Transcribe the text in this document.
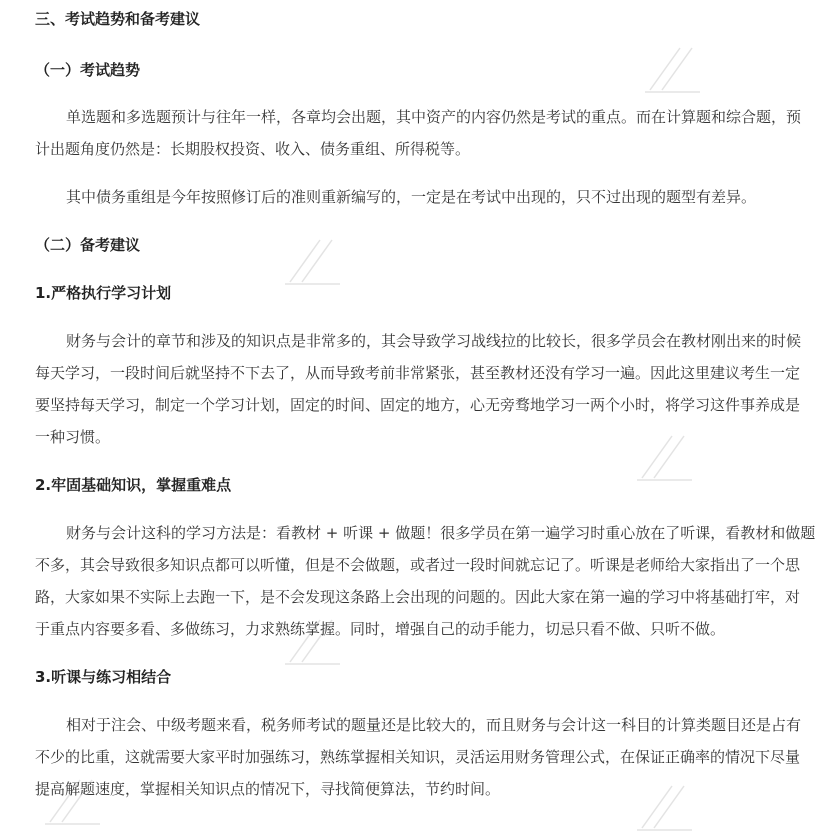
三、考试趋势和备考建议
（一）考试趋势
单选题和多选题预计与往年一样，各章均会出题，其中资产的内容仍然是考试的重点。而在计算题和综合题，预
计出题角度仍然是：长期股权投资、收入、债务重组、所得税等。
其中债务重组是今年按照修订后的准则重新编写的，一定是在考试中出现的，只不过出现的题型有差异。
（二）备考建议
1.严格执行学习计划
财务与会计的章节和涉及的知识点是非常多的，其会导致学习战线拉的比较长，很多学员会在教材刚出来的时候
每天学习，一段时间后就坚持不下去了，从而导致考前非常紧张，甚至教材还没有学习一遍。因此这里建议考生一定
要坚持每天学习，制定一个学习计划，固定的时间、固定的地方，心无旁骛地学习一两个小时，将学习这件事养成是
一种习惯。
2.牢固基础知识，掌握重难点
财务与会计这科的学习方法是：看教材 + 听课 + 做题！很多学员在第一遍学习时重心放在了听课，看教材和做题
不多，其会导致很多知识点都可以听懂，但是不会做题，或者过一段时间就忘记了。听课是老师给大家指出了一个思
路，大家如果不实际上去跑一下，是不会发现这条路上会出现的问题的。因此大家在第一遍的学习中将基础打牢，对
于重点内容要多看、多做练习，力求熟练掌握。同时，增强自己的动手能力，切忌只看不做、只听不做。
3.听课与练习相结合
相对于注会、中级考题来看，税务师考试的题量还是比较大的，而且财务与会计这一科目的计算类题目还是占有
不少的比重，这就需要大家平时加强练习，熟练掌握相关知识，灵活运用财务管理公式，在保证正确率的情况下尽量
提高解题速度，掌握相关知识点的情况下，寻找简便算法，节约时间。
